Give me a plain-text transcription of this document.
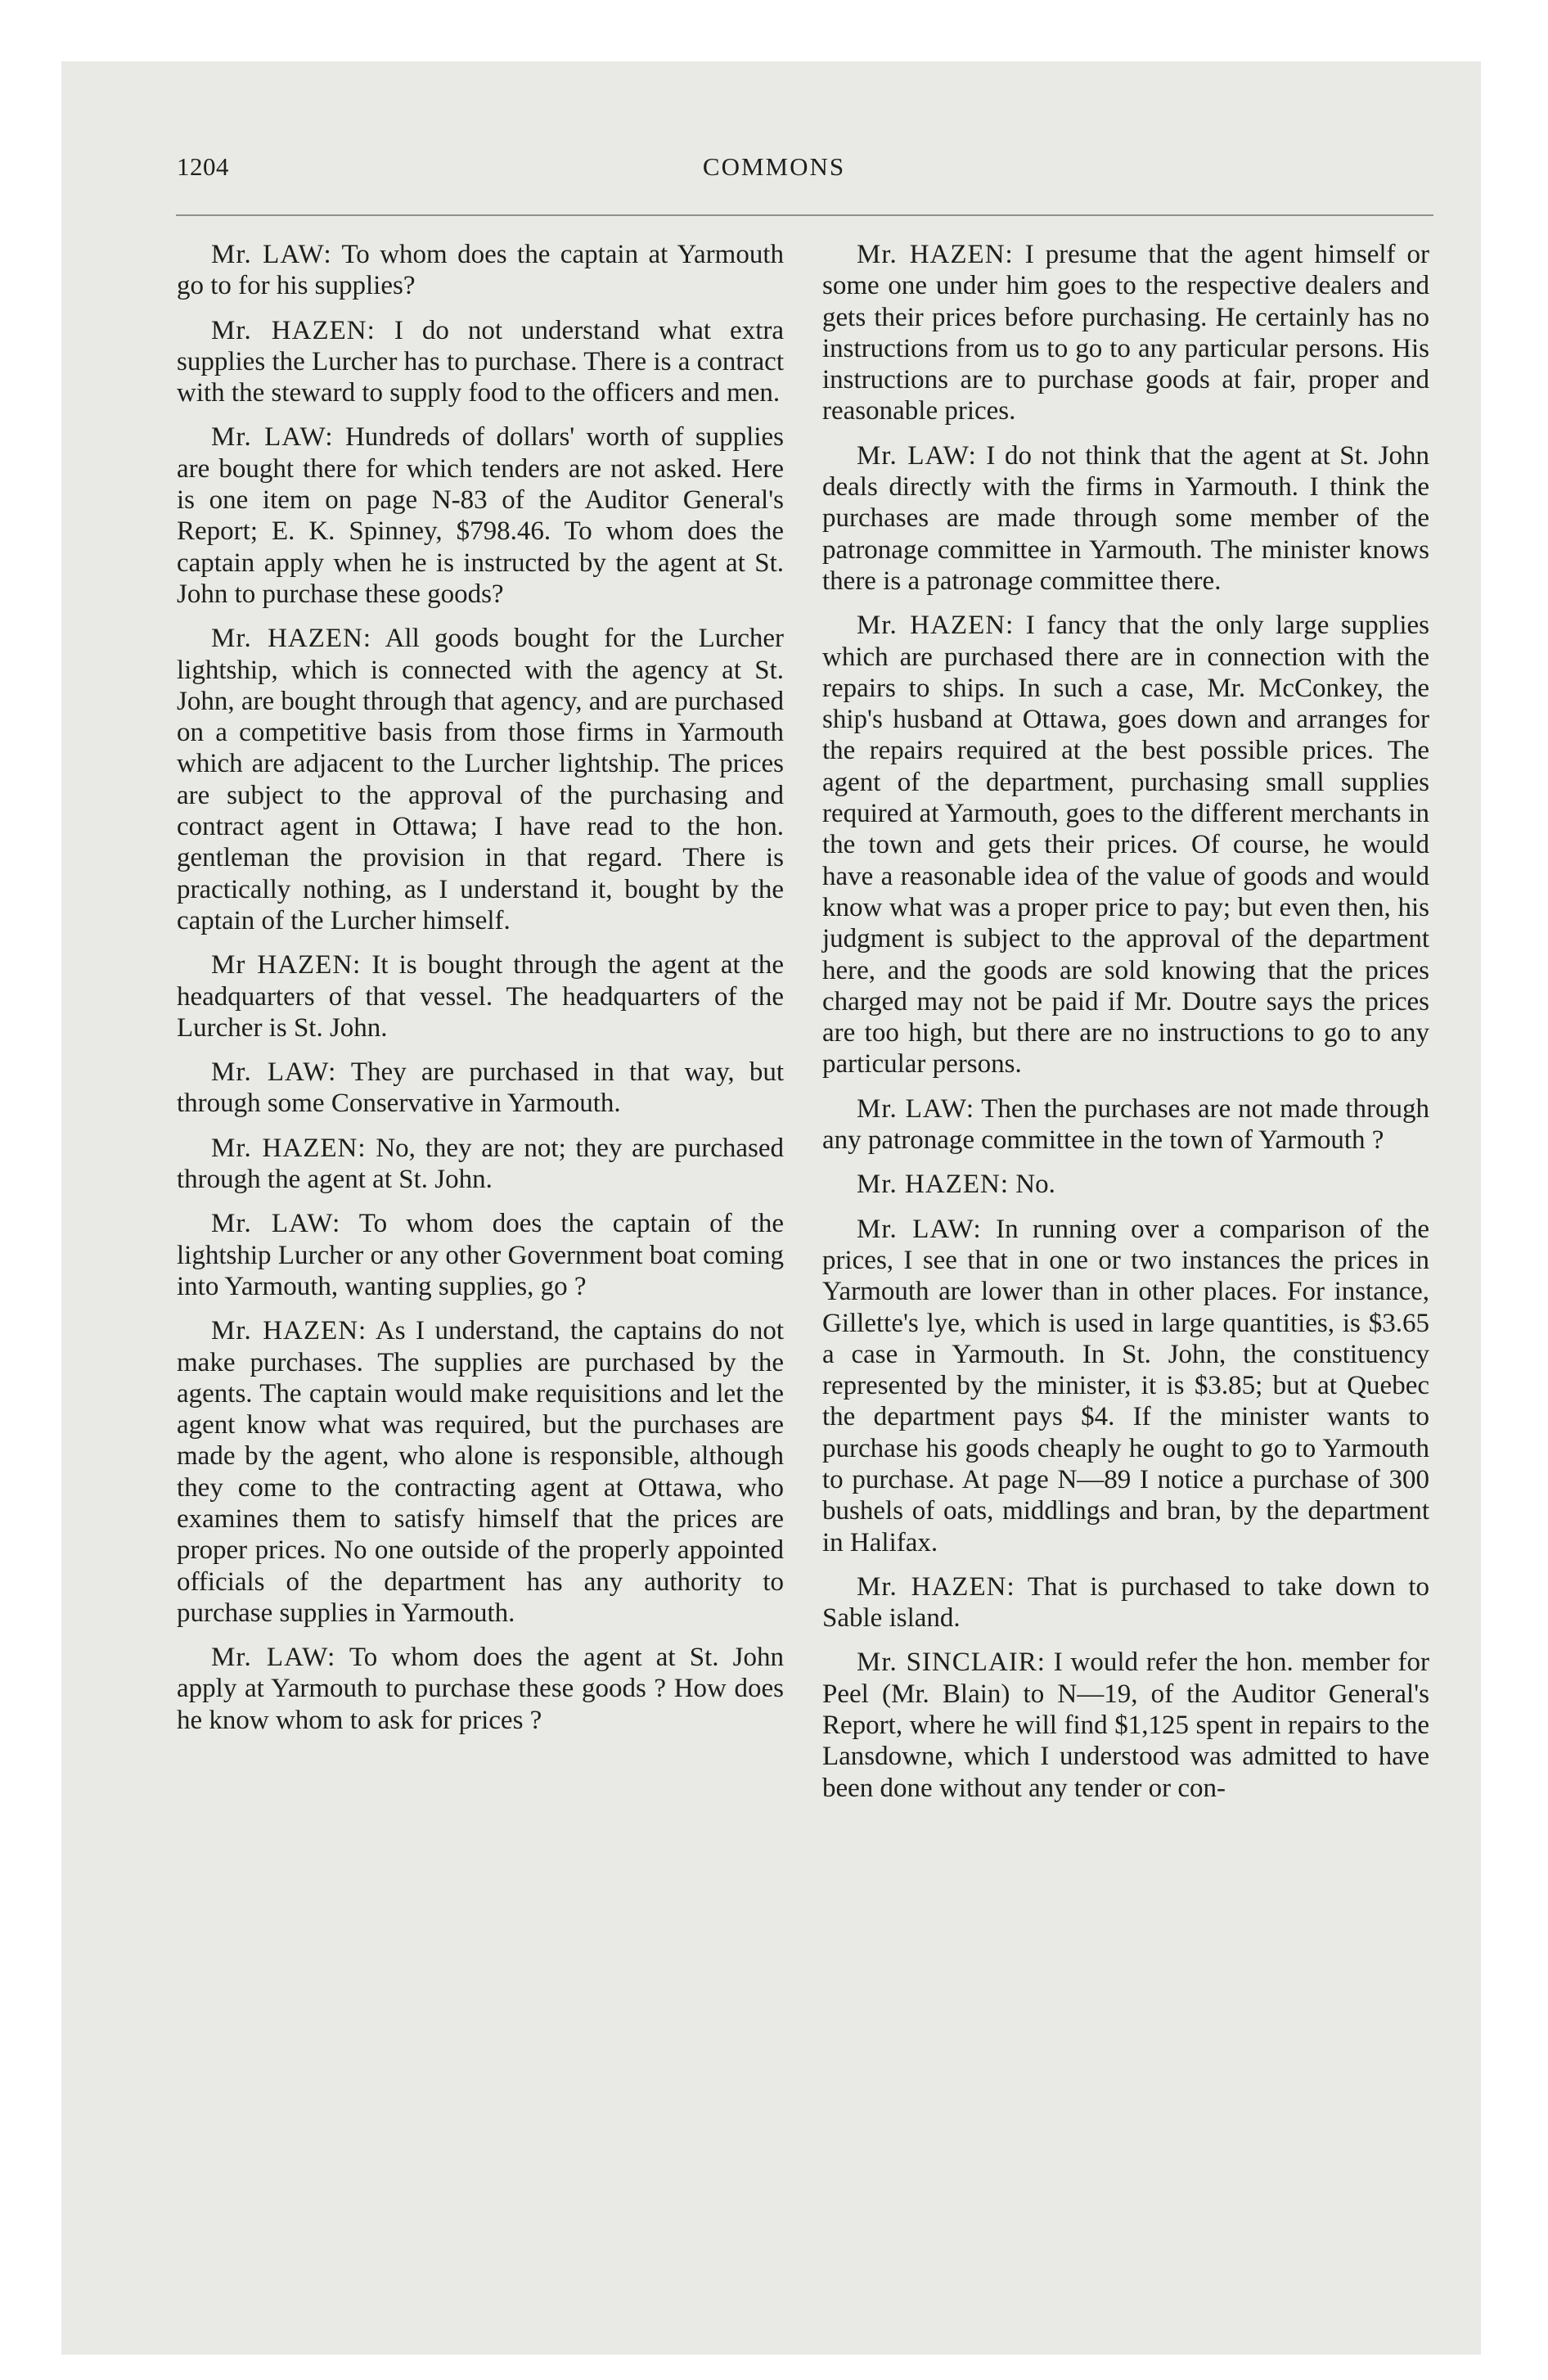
1204	COMMONS

Mr. LAW: To whom does the captain at Yarmouth go to for his supplies?

Mr. HAZEN: I do not understand what extra supplies the Lurcher has to purchase. There is a contract with the steward to supply food to the officers and men.

Mr. LAW: Hundreds of dollars' worth of supplies are bought there for which tenders are not asked. Here is one item on page N-83 of the Auditor General's Report; E. K. Spinney, $798.46. To whom does the captain apply when he is instructed by the agent at St. John to purchase these goods?

Mr. HAZEN: All goods bought for the Lurcher lightship, which is connected with the agency at St. John, are bought through that agency, and are purchased on a competitive basis from those firms in Yarmouth which are adjacent to the Lurcher lightship. The prices are subject to the approval of the purchasing and contract agent in Ottawa; I have read to the hon. gentleman the provision in that regard. There is practically nothing, as I understand it, bought by the captain of the Lurcher himself.

Mr HAZEN: It is bought through the agent at the headquarters of that vessel. The headquarters of the Lurcher is St. John.

Mr. LAW: They are purchased in that way, but through some Conservative in Yarmouth.

Mr. HAZEN: No, they are not; they are purchased through the agent at St. John.

Mr. LAW: To whom does the captain of the lightship Lurcher or any other Government boat coming into Yarmouth, wanting supplies, go ?

Mr. HAZEN: As I understand, the captains do not make purchases. The supplies are purchased by the agents. The captain would make requisitions and let the agent know what was required, but the purchases are made by the agent, who alone is responsible, although they come to the contracting agent at Ottawa, who examines them to satisfy himself that the prices are proper prices. No one outside of the properly appointed officials of the department has any authority to purchase supplies in Yarmouth.

Mr. LAW: To whom does the agent at St. John apply at Yarmouth to purchase these goods ? How does he know whom to ask for prices ?

Mr. HAZEN: I presume that the agent himself or some one under him goes to the respective dealers and gets their prices before purchasing. He certainly has no instructions from us to go to any particular persons. His instructions are to purchase goods at fair, proper and reasonable prices.

Mr. LAW: I do not think that the agent at St. John deals directly with the firms in Yarmouth. I think the purchases are made through some member of the patronage committee in Yarmouth. The minister knows there is a patronage committee there.

Mr. HAZEN: I fancy that the only large supplies which are purchased there are in connection with the repairs to ships. In such a case, Mr. McConkey, the ship's husband at Ottawa, goes down and arranges for the repairs required at the best possible prices. The agent of the department, purchasing small supplies required at Yarmouth, goes to the different merchants in the town and gets their prices. Of course, he would have a reasonable idea of the value of goods and would know what was a proper price to pay; but even then, his judgment is subject to the approval of the department here, and the goods are sold knowing that the prices charged may not be paid if Mr. Doutre says the prices are too high, but there are no instructions to go to any particular persons.

Mr. LAW: Then the purchases are not made through any patronage committee in the town of Yarmouth ?

Mr. HAZEN: No.

Mr. LAW: In running over a comparison of the prices, I see that in one or two instances the prices in Yarmouth are lower than in other places. For instance, Gillette's lye, which is used in large quantities, is $3.65 a case in Yarmouth. In St. John, the constituency represented by the minister, it is $3.85; but at Quebec the department pays $4. If the minister wants to purchase his goods cheaply he ought to go to Yarmouth to purchase. At page N—89 I notice a purchase of 300 bushels of oats, middlings and bran, by the department in Halifax.

Mr. HAZEN: That is purchased to take down to Sable island.

Mr. SINCLAIR: I would refer the hon. member for Peel (Mr. Blain) to N—19, of the Auditor General's Report, where he will find $1,125 spent in repairs to the Lansdowne, which I understood was admitted to have been done without any tender or con-
